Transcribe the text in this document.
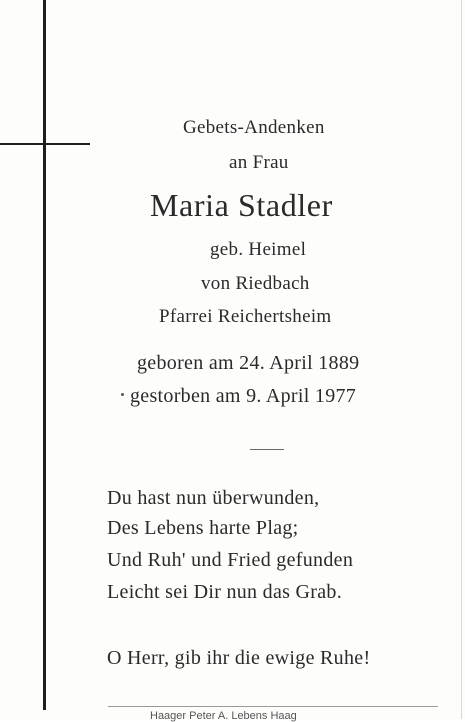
Gebets-Andenken
an Frau
Maria Stadler
geb. Heimel
von Riedbach
Pfarrei Reichertsheim
geboren am 24. April 1889
gestorben am 9. April 1977
Du hast nun überwunden,
Des Lebens harte Plag;
Und Ruh' und Fried gefunden
Leicht sei Dir nun das Grab.
O Herr, gib ihr die ewige Ruhe!
Haager Peter A. Lebens Haag
